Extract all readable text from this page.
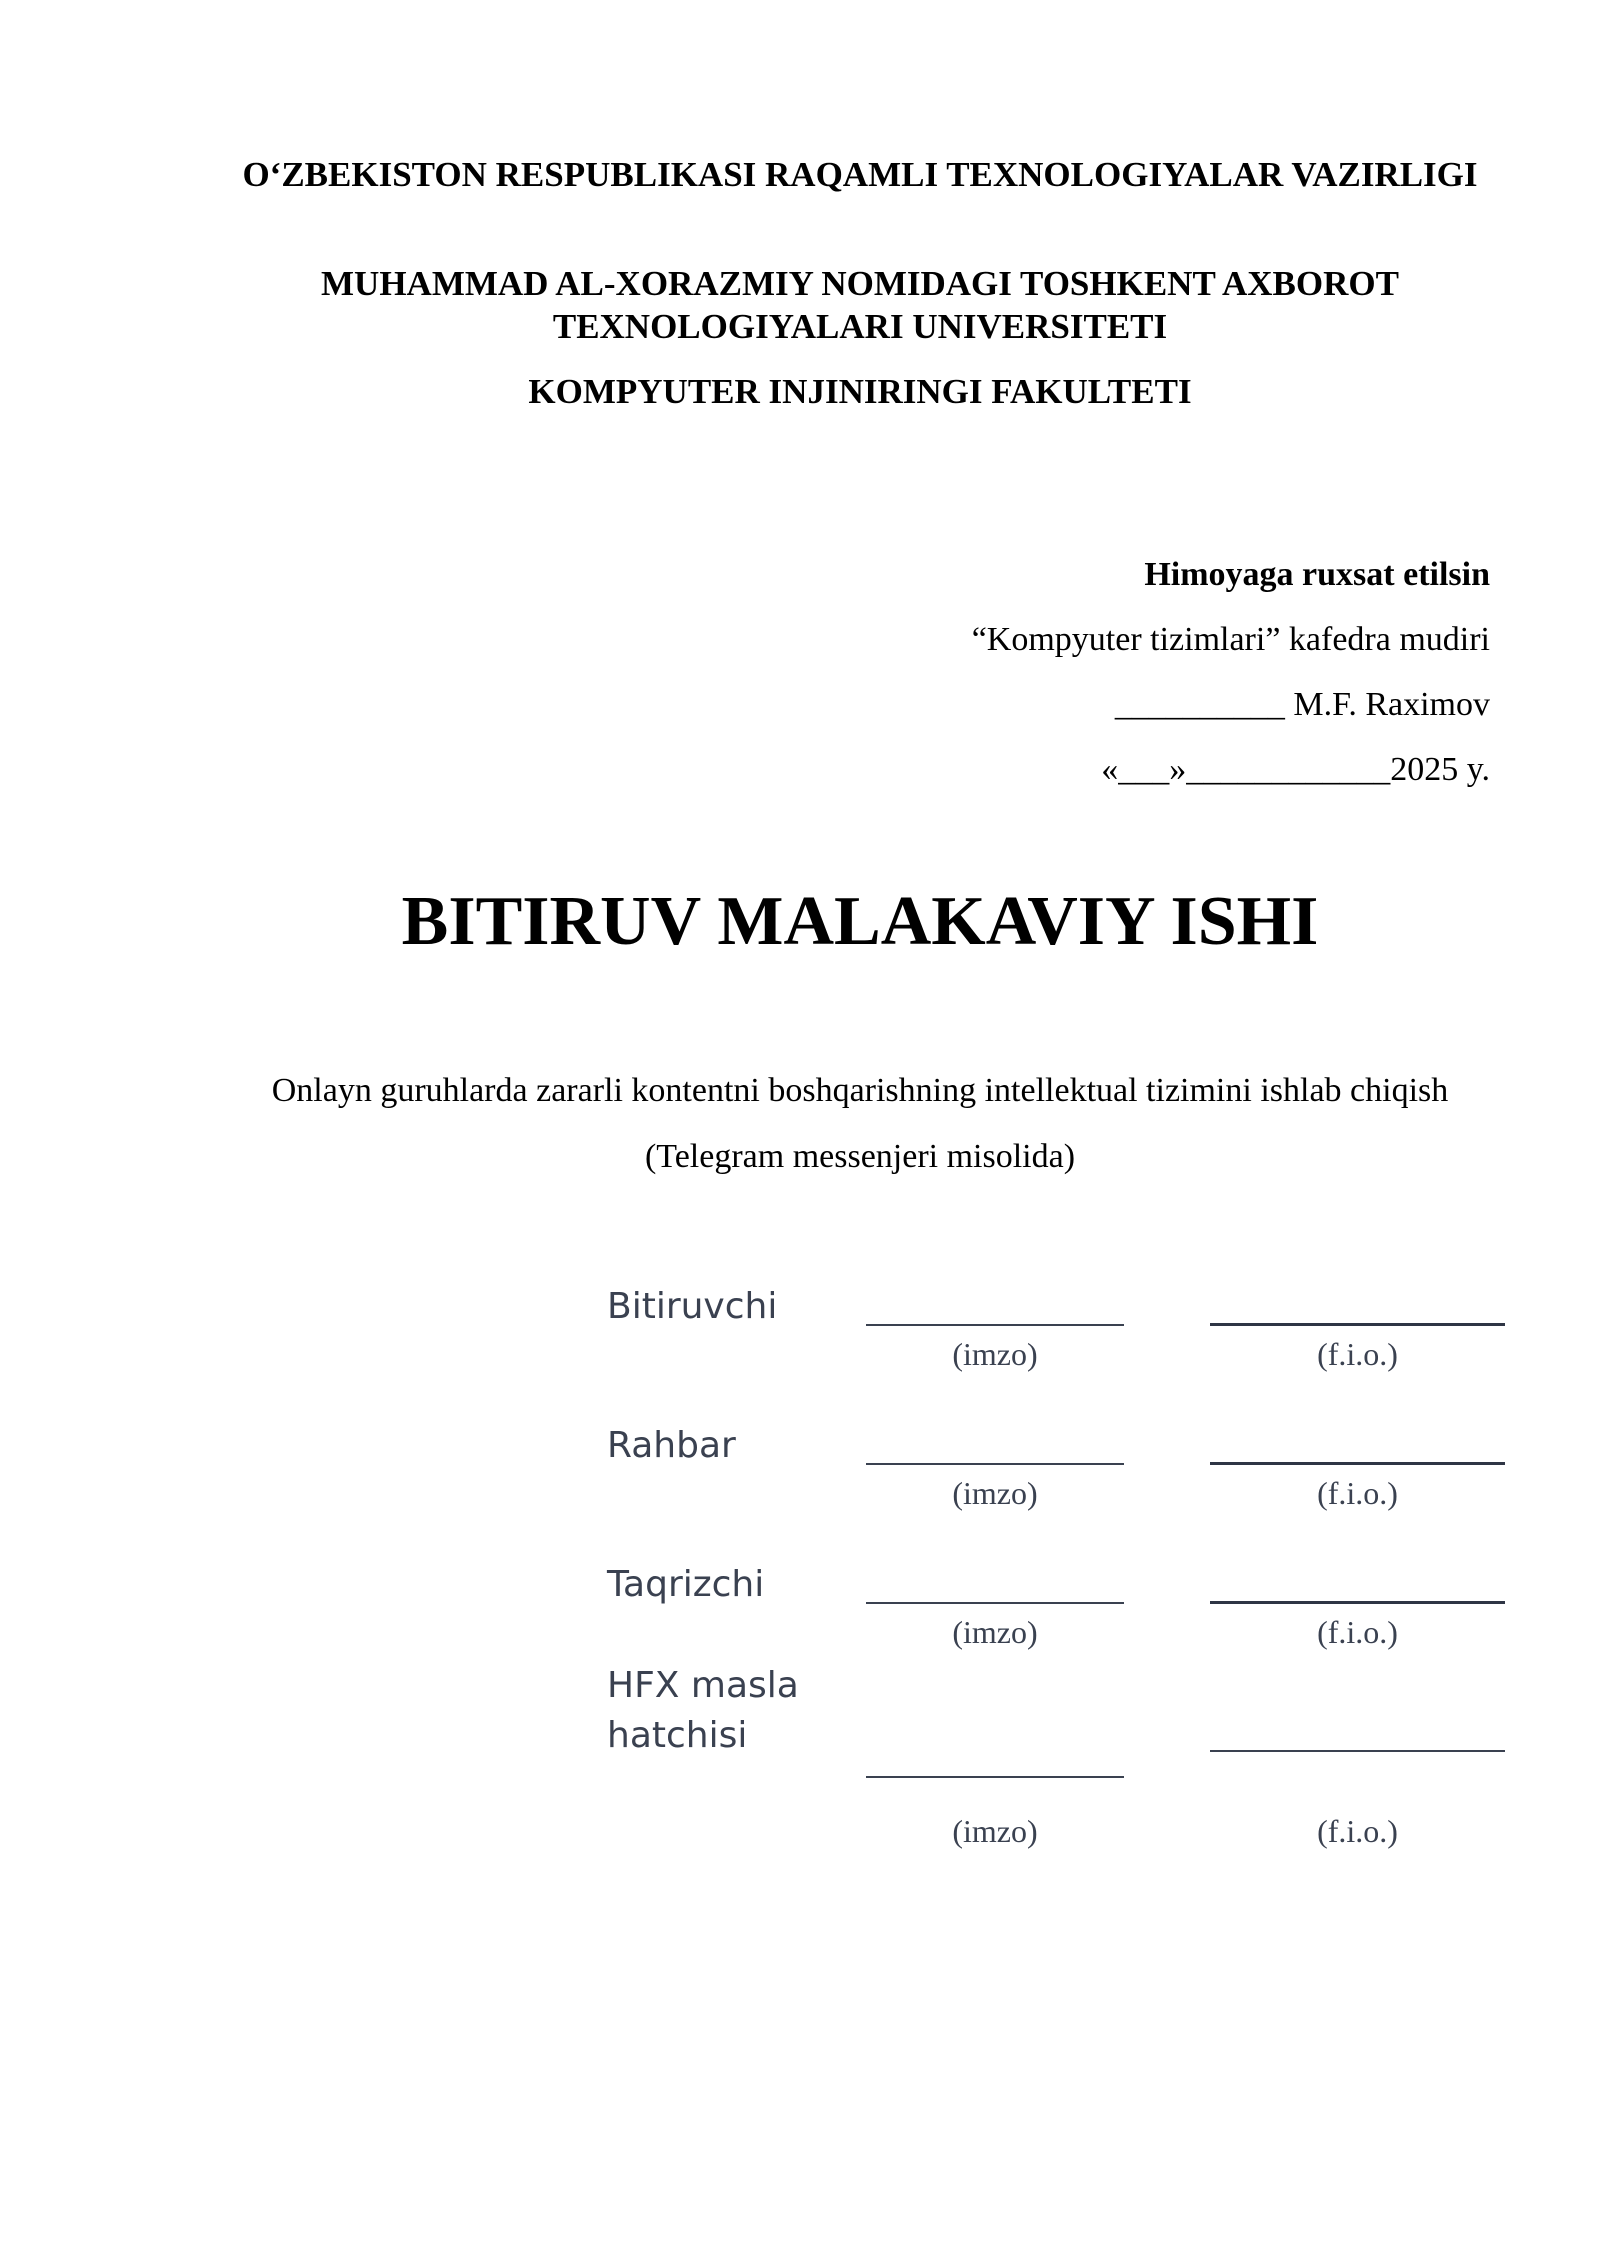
O‘ZBEKISTON RESPUBLIKASI RAQAMLI TEXNOLOGIYALAR VAZIRLIGI
MUHAMMAD AL-XORAZMIY NOMIDAGI TOSHKENT AXBOROT TEXNOLOGIYALARI UNIVERSITETI
KOMPYUTER INJINIRINGI FAKULTETI
Himoyaga ruxsat etilsin
“Kompyuter tizimlari” kafedra mudiri
__________ M.F. Raximov
«___»____________2025 y.
BITIRUV MALAKAVIY ISHI
Onlayn guruhlarda zararli kontentni boshqarishning intellektual tizimini ishlab chiqish (Telegram messenjeri misolida)
Bitiruvchi
(imzo)	(f.i.o.)
Rahbar
(imzo)	(f.i.o.)
Taqrizchi
(imzo)	(f.i.o.)
HFX maslahatchisi
(imzo)	(f.i.o.)
